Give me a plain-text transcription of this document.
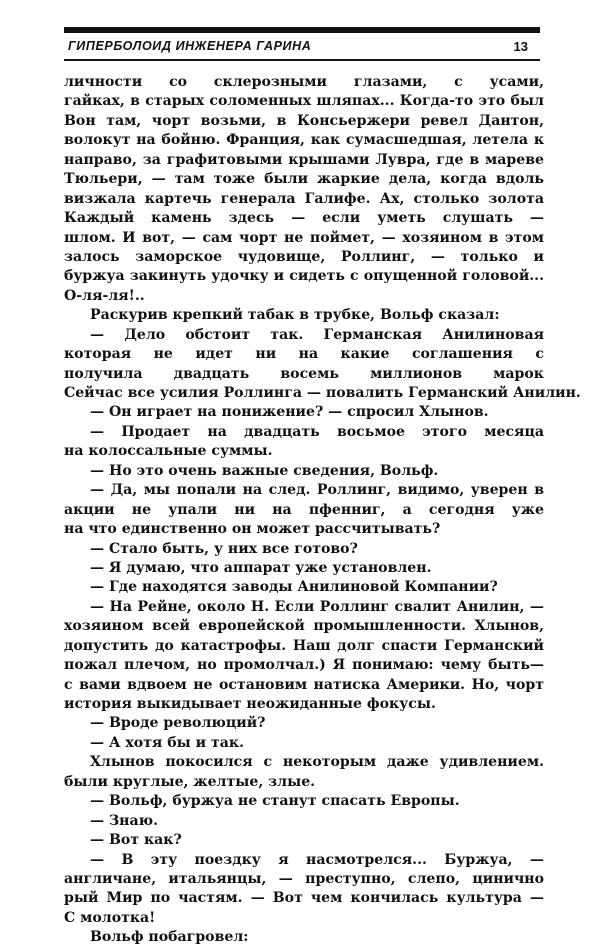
ГИПЕРБОЛОИД ИНЖЕНЕРА ГАРИНА	13
личности со склерозными глазами, с усами,
гайках, в старых соломенных шляпах... Когда-то это был
Вон там, чорт возьми, в Консьержери ревел Дантон,
волокут на бойню. Франция, как сумасшедшая, летела к
направо, за графитовыми крышами Лувра, где в мареве
Тюльери, — там тоже были жаркие дела, когда вдоль
визжала картечь генерала Галифе. Ах, столько золота
Каждый камень здесь — если уметь слушать —
шлом. И вот, — сам чорт не поймет, — хозяином в этом
залось заморское чудовище, Роллинг, — только и
буржуа закинуть удочку и сидеть с опущенной головой...
О-ля-ля!..
Раскурив крепкий табак в трубке, Вольф сказал:
— Дело обстоит так. Германская Анилиновая
которая не идет ни на какие соглашения с
получила двадцать восемь миллионов марок
Сейчас все усилия Роллинга — повалить Германский Анилин.
— Он играет на понижение? — спросил Хлынов.
— Продает на двадцать восьмое этого месяца
на колоссальные суммы.
— Но это очень важные сведения, Вольф.
— Да, мы попали на след. Роллинг, видимо, уверен в
акции не упали ни на пфенниг, а сегодня уже
на что единственно он может рассчитывать?
— Стало быть, у них все готово?
— Я думаю, что аппарат уже установлен.
— Где находятся заводы Анилиновой Компании?
— На Рейне, около Н. Если Роллинг свалит Анилин, —
хозяином всей европейской промышленности. Хлынов,
допустить до катастрофы. Наш долг спасти Германский
пожал плечом, но промолчал.) Я понимаю: чему быть—
с вами вдвоем не остановим натиска Америки. Но, чорт
история выкидывает неожиданные фокусы.
— Вроде революций?
— А хотя бы и так.
Хлынов покосился с некоторым даже удивлением.
были круглые, желтые, злые.
— Вольф, буржуа не станут спасать Европы.
— Знаю.
— Вот как?
— В эту поездку я насмотрелся... Буржуа, —
англичане, итальянцы, — преступно, слепо, цинично
рый Мир по частям. — Вот чем кончилась культура —
С молотка!
Вольф побагровел:
